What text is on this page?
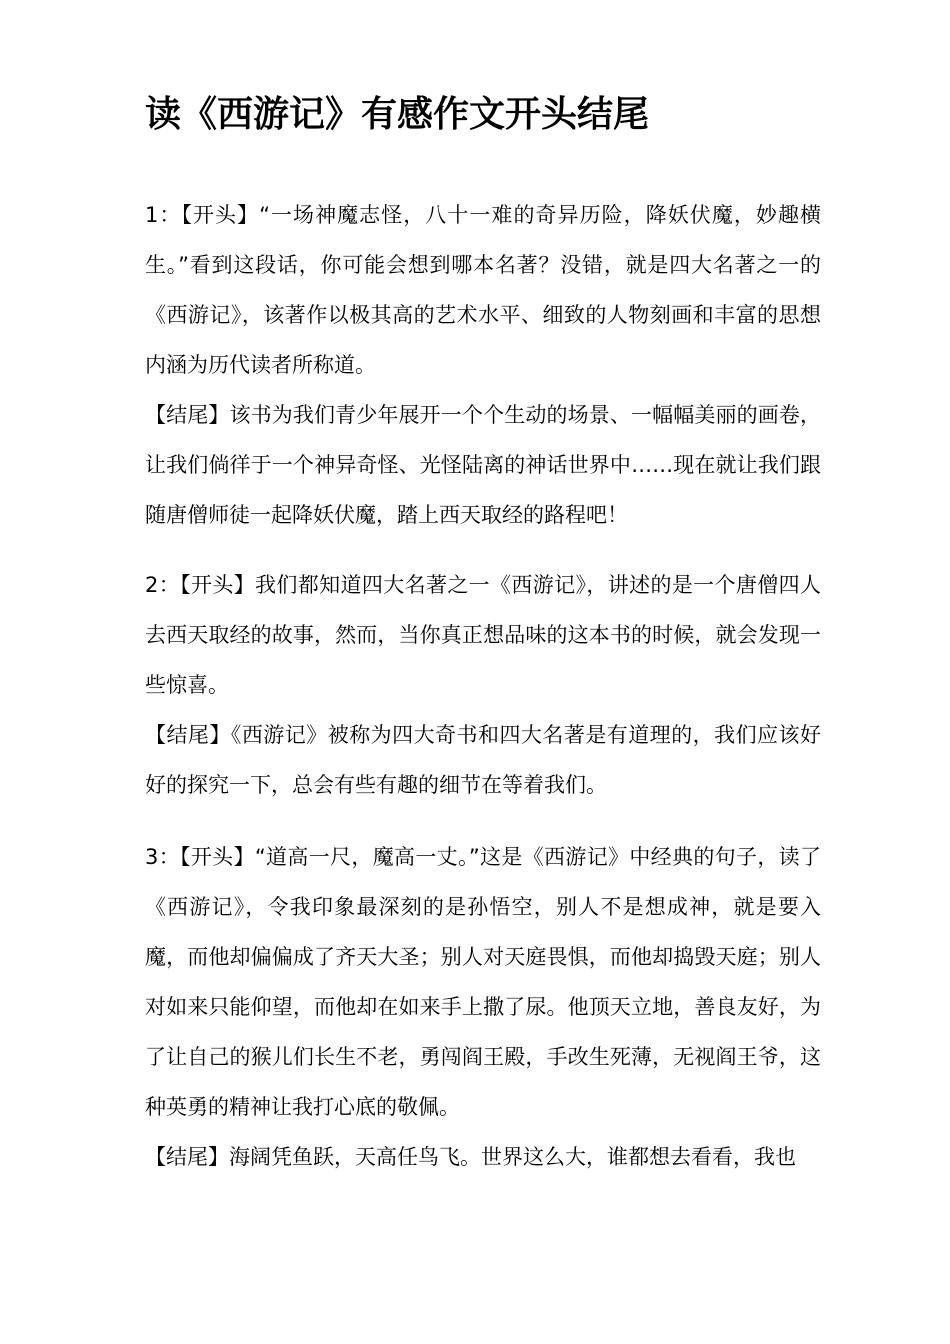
读《西游记》有感作文开头结尾

1：【开头】“一场神魔志怪，八十一难的奇异历险，降妖伏魔，妙趣横生。”看到这段话，你可能会想到哪本名著？没错，就是四大名著之一的《西游记》，该著作以极其高的艺术水平、细致的人物刻画和丰富的思想内涵为历代读者所称道。

【结尾】该书为我们青少年展开一个个生动的场景、一幅幅美丽的画卷，让我们倘徉于一个神异奇怪、光怪陆离的神话世界中……现在就让我们跟随唐僧师徒一起降妖伏魔，踏上西天取经的路程吧！

2：【开头】我们都知道四大名著之一《西游记》，讲述的是一个唐僧四人去西天取经的故事，然而，当你真正想品味的这本书的时候，就会发现一些惊喜。

【结尾】《西游记》被称为四大奇书和四大名著是有道理的，我们应该好好的探究一下，总会有些有趣的细节在等着我们。

3：【开头】“道高一尺，魔高一丈。”这是《西游记》中经典的句子，读了《西游记》，令我印象最深刻的是孙悟空，别人不是想成神，就是要入魔，而他却偏偏成了齐天大圣；别人对天庭畏惧，而他却捣毁天庭；别人对如来只能仰望，而他却在如来手上撒了尿。他顶天立地，善良友好，为了让自己的猴儿们长生不老，勇闯阎王殿，手改生死薄，无视阎王爷，这种英勇的精神让我打心底的敬佩。

【结尾】海阔凭鱼跃，天高任鸟飞。世界这么大，谁都想去看看，我也
